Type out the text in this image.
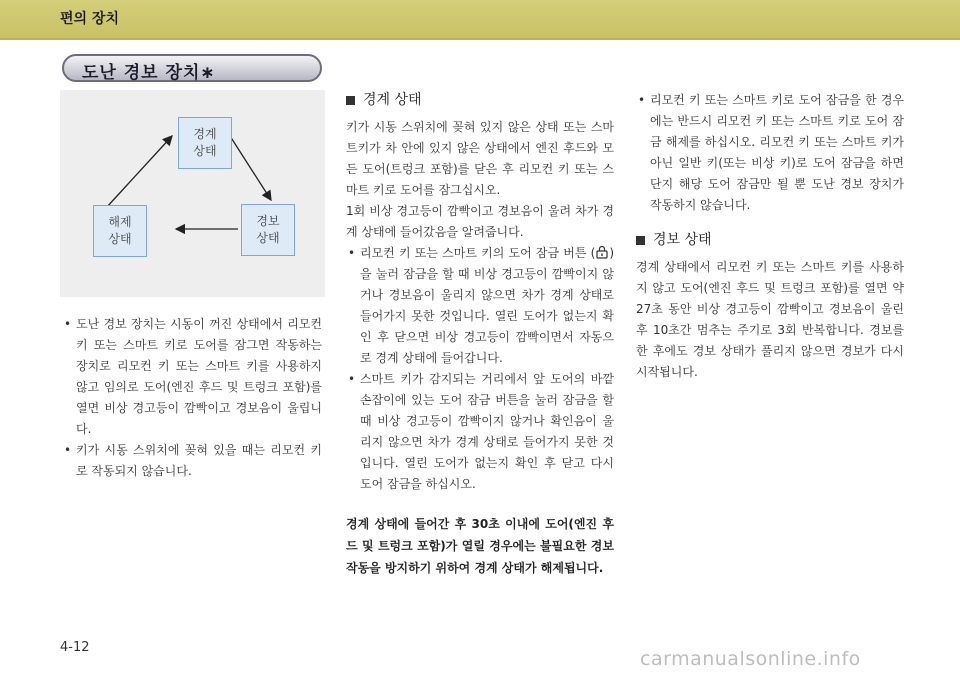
편의 장치
도난 경보 장치∗
경계
상태
해제
상태
경보
상태
• 도난 경보 장치는 시동이 꺼진 상태에서 리모컨 키 또는 스마트 키로 도어를 잠그면 작동하는 장치로 리모컨 키 또는 스마트 키를 사용하지 않고 임의로 도어(엔진 후드 및 트렁크 포함)를 열면 비상 경고등이 깜빡이고 경보음이 울립니다.
• 키가 시동 스위치에 꽂혀 있을 때는 리모컨 키로 작동되지 않습니다.
경계 상태
키가 시동 스위치에 꽂혀 있지 않은 상태 또는 스마트키가 차 안에 있지 않은 상태에서 엔진 후드와 모든 도어(트렁크 포함)를 닫은 후 리모컨 키 또는 스마트 키로 도어를 잠그십시오.
1회 비상 경고등이 깜빡이고 경보음이 울려 차가 경계 상태에 들어갔음을 알려줍니다.
• 리모컨 키 또는 스마트 키의 도어 잠금 버튼 ( )을 눌러 잠금을 할 때 비상 경고등이 깜빡이지 않거나 경보음이 울리지 않으면 차가 경계 상태로 들어가지 못한 것입니다. 열린 도어가 없는지 확인 후 닫으면 비상 경고등이 깜빡이면서 자동으로 경계 상태에 들어갑니다.
• 스마트 키가 감지되는 거리에서 앞 도어의 바깥 손잡이에 있는 도어 잠금 버튼을 눌러 잠금을 할 때 비상 경고등이 깜빡이지 않거나 확인음이 울리지 않으면 차가 경계 상태로 들어가지 못한 것입니다. 열린 도어가 없는지 확인 후 닫고 다시 도어 잠금을 하십시오.
경계 상태에 들어간 후 30초 이내에 도어(엔진 후드 및 트렁크 포함)가 열릴 경우에는 불필요한 경보 작동을 방지하기 위하여 경계 상태가 해제됩니다.
• 리모컨 키 또는 스마트 키로 도어 잠금을 한 경우에는 반드시 리모컨 키 또는 스마트 키로 도어 잠금 해제를 하십시오. 리모컨 키 또는 스마트 키가 아닌 일반 키(또는 비상 키)로 도어 잠금을 하면 단지 해당 도어 잠금만 될 뿐 도난 경보 장치가 작동하지 않습니다.
경보 상태
경계 상태에서 리모컨 키 또는 스마트 키를 사용하지 않고 도어(엔진 후드 및 트렁크 포함)를 열면 약 27초 동안 비상 경고등이 깜빡이고 경보음이 울린 후 10초간 멈추는 주기로 3회 반복합니다. 경보를 한 후에도 경보 상태가 풀리지 않으면 경보가 다시 시작됩니다.
4-12
carmanualsonline.info
